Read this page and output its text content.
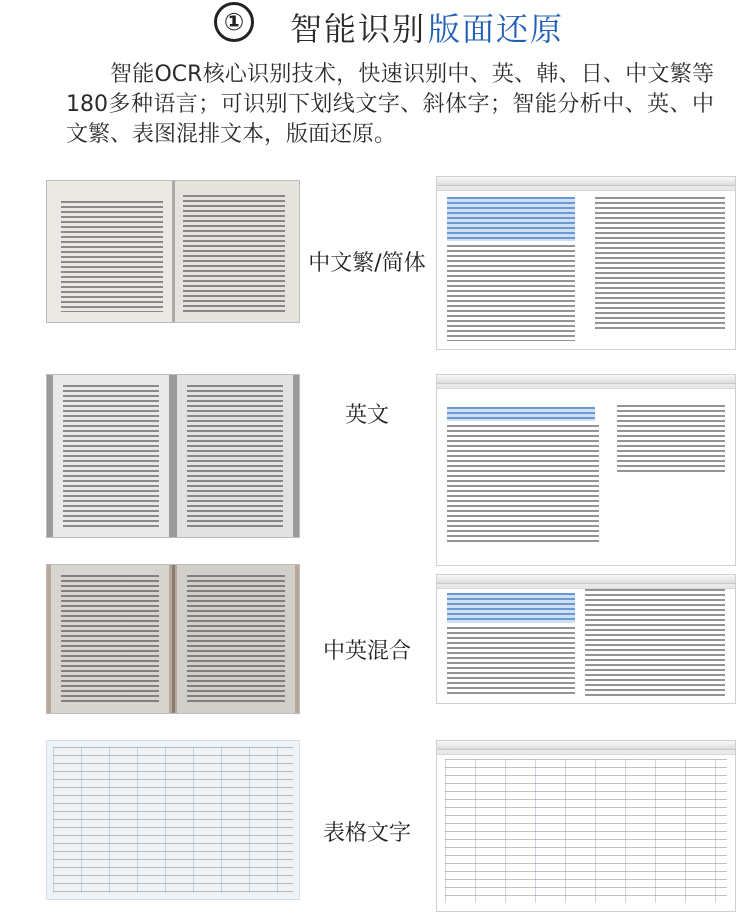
①	智能识别 版面还原

智能OCR核心识别技术，快速识别中、英、韩、日、中文繁等180多种语言；可识别下划线文字、斜体字；智能分析中、英、中文繁、表图混排文本，版面还原。

中文繁/简体
英文
中英混合
表格文字
